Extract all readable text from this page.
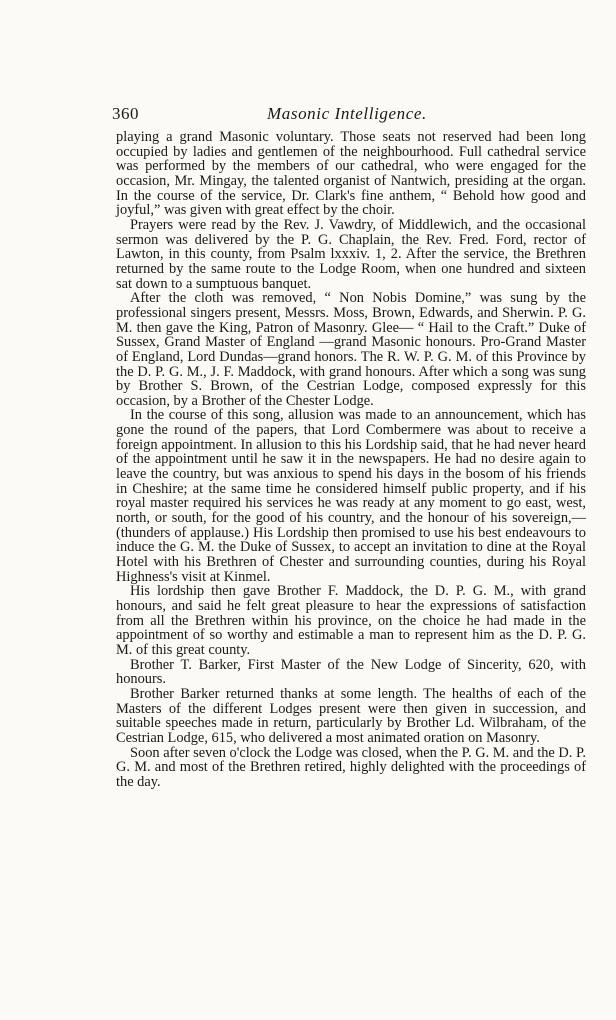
360	Masonic Intelligence.

playing a grand Masonic voluntary. Those seats not reserved had been long occupied by ladies and gentlemen of the neighbourhood. Full cathedral service was performed by the members of our cathedral, who were engaged for the occasion, Mr. Mingay, the talented organist of Nantwich, presiding at the organ. In the course of the service, Dr. Clark's fine anthem, “ Behold how good and joyful,” was given with great effect by the choir.

Prayers were read by the Rev. J. Vawdry, of Middlewich, and the occasional sermon was delivered by the P. G. Chaplain, the Rev. Fred. Ford, rector of Lawton, in this county, from Psalm lxxxiv. 1, 2. After the service, the Brethren returned by the same route to the Lodge Room, when one hundred and sixteen sat down to a sumptuous banquet.

After the cloth was removed, “ Non Nobis Domine,” was sung by the professional singers present, Messrs. Moss, Brown, Edwards, and Sherwin. P. G. M. then gave the King, Patron of Masonry. Glee— “ Hail to the Craft.” Duke of Sussex, Grand Master of England —grand Masonic honours. Pro-Grand Master of England, Lord Dundas—grand honors. The R. W. P. G. M. of this Province by the D. P. G. M., J. F. Maddock, with grand honours. After which a song was sung by Brother S. Brown, of the Cestrian Lodge, composed expressly for this occasion, by a Brother of the Chester Lodge.

In the course of this song, allusion was made to an announcement, which has gone the round of the papers, that Lord Combermere was about to receive a foreign appointment. In allusion to this his Lordship said, that he had never heard of the appointment until he saw it in the newspapers. He had no desire again to leave the country, but was anxious to spend his days in the bosom of his friends in Cheshire; at the same time he considered himself public property, and if his royal master required his services he was ready at any moment to go east, west, north, or south, for the good of his country, and the honour of his sovereign,—(thunders of applause.) His Lordship then promised to use his best endeavours to induce the G. M. the Duke of Sussex, to accept an invitation to dine at the Royal Hotel with his Brethren of Chester and surrounding counties, during his Royal Highness's visit at Kinmel.

His lordship then gave Brother F. Maddock, the D. P. G. M., with grand honours, and said he felt great pleasure to hear the expressions of satisfaction from all the Brethren within his province, on the choice he had made in the appointment of so worthy and estimable a man to represent him as the D. P. G. M. of this great county.

Brother T. Barker, First Master of the New Lodge of Sincerity, 620, with honours.

Brother Barker returned thanks at some length. The healths of each of the Masters of the different Lodges present were then given in succession, and suitable speeches made in return, particularly by Brother Ld. Wilbraham, of the Cestrian Lodge, 615, who delivered a most animated oration on Masonry.

Soon after seven o'clock the Lodge was closed, when the P. G. M. and the D. P. G. M. and most of the Brethren retired, highly delighted with the proceedings of the day.
